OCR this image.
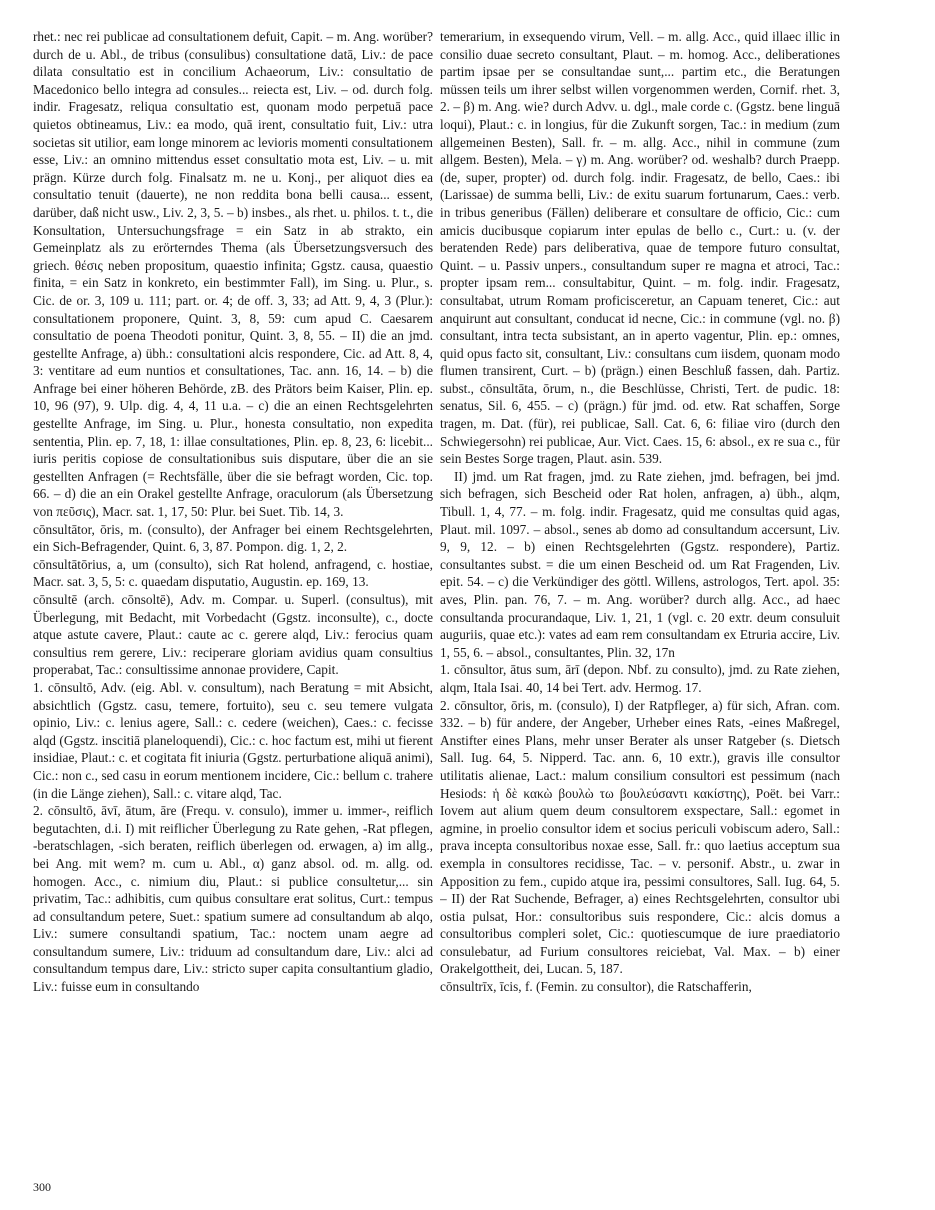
rhet.: nec rei publicae ad consultationem defuit, Capit. – m. Ang. worüber? durch de u. Abl., de tribus (consulibus) consultatione datā, Liv.: de pace dilata consultatio est in concilium Achaeorum, Liv.: consultatio de Macedonico bello integra ad consules... reiecta est, Liv. – od. durch folg. indir. Fragesatz, reliqua consultatio est, quonam modo perpetuā pace quietos obtineamus, Liv.: ea modo, quā irent, consultatio fuit, Liv.: utra societas sit utilior, eam longe minorem ac levioris momenti consultationem esse, Liv.: an omnino mittendus esset consultatio mota est, Liv. – u. mit prägn. Kürze durch folg. Finalsatz m. ne u. Konj., per aliquot dies ea consultatio tenuit (dauerte), ne non reddita bona belli causa... essent, darüber, daß nicht usw., Liv. 2, 3, 5. – b) insbes., als rhet. u. philos. t. t., die Konsultation, Untersuchungsfrage = ein Satz in ab strakto, ein Gemeinplatz als zu erörterndes Thema (als Übersetzungsversuch des griech. θέσις neben propositum, quaestio infinita; Ggstz. causa, quaestio finita, = ein Satz in konkreto, ein bestimmter Fall), im Sing. u. Plur., s. Cic. de or. 3, 109 u. 111; part. or. 4; de off. 3, 33; ad Att. 9, 4, 3 (Plur.): consultationem proponere, Quint. 3, 8, 59: cum apud C. Caesarem consultatio de poena Theodoti ponitur, Quint. 3, 8, 55. – II) die an jmd. gestellte Anfrage, a) übh.: consultationi alcis respondere, Cic. ad Att. 8, 4, 3: ventitare ad eum nuntios et consultationes, Tac. ann. 16, 14. – b) die Anfrage bei einer höheren Behörde, zB. des Prätors beim Kaiser, Plin. ep. 10, 96 (97), 9. Ulp. dig. 4, 4, 11 u.a. – c) die an einen Rechtsgelehrten gestellte Anfrage, im Sing. u. Plur., honesta consultatio, non expedita sententia, Plin. ep. 7, 18, 1: illae consultationes, Plin. ep. 8, 23, 6: licebit... iuris peritis copiose de consultationibus suis disputare, über die an sie gestellten Anfragen (= Rechtsfälle, über die sie befragt worden, Cic. top. 66. – d) die an ein Orakel gestellte Anfrage, oraculorum (als Übersetzung von πεῦσις), Macr. sat. 1, 17, 50: Plur. bei Suet. Tib. 14, 3.

cōnsultātor, ōris, m. (consulto), der Anfrager bei einem Rechtsgelehrten, ein Sich-Befragender, Quint. 6, 3, 87. Pompon. dig. 1, 2, 2.

cōnsultātōrius, a, um (consulto), sich Rat holend, anfragend, c. hostiae, Macr. sat. 3, 5, 5: c. quaedam disputatio, Augustin. ep. 169, 13.

cōnsultē (arch. cōnsoltē), Adv. m. Compar. u. Superl. (consultus), mit Überlegung, mit Bedacht, mit Vorbedacht (Ggstz. inconsulte), c., docte atque astute cavere, Plaut.: caute ac c. gerere alqd, Liv.: ferocius quam consultius rem gerere, Liv.: reciperare gloriam avidius quam consultius properabat, Tac.: consultissime annonae providere, Capit.

1. cōnsultō, Adv. (eig. Abl. v. consultum), nach Beratung = mit Absicht, absichtlich (Ggstz. casu, temere, fortuito), seu c. seu temere vulgata opinio, Liv.: c. lenius agere, Sall.: c. cedere (weichen), Caes.: c. fecisse alqd (Ggstz. inscitiā planeloquendi), Cic.: c. hoc factum est, mihi ut fierent insidiae, Plaut.: c. et cogitata fit iniuria (Ggstz. perturbatione aliquā animi), Cic.: non c., sed casu in eorum mentionem incidere, Cic.: bellum c. trahere (in die Länge ziehen), Sall.: c. vitare alqd, Tac.

2. cōnsultō, āvī, ātum, āre (Frequ. v. consulo), immer u. immer-, reiflich begutachten, d.i. I) mit reiflicher Überlegung zu Rate gehen, -Rat pflegen, -beratschlagen, -sich beraten, reiflich überlegen od. erwagen, a) im allg., bei Ang. mit wem? m. cum u. Abl., α) ganz absol. od. m. allg. od. homogen. Acc., c. nimium diu, Plaut.: si publice consultetur,... sin privatim, Tac.: adhibitis, cum quibus consultare erat solitus, Curt.: tempus ad consultandum petere, Suet.: spatium sumere ad consultandum ab alqo, Liv.: sumere consultandi spatium, Tac.: noctem unam aegre ad consultandum sumere, Liv.: triduum ad consultandum dare, Liv.: alci ad consultandum tempus dare, Liv.: stricto super capita consultantium gladio, Liv.: fuisse eum in consultando

temerarium, in exsequendo virum, Vell. – m. allg. Acc., quid illaec illic in consilio duae secreto consultant, Plaut. – m. homog. Acc., deliberationes partim ipsae per se consultandae sunt,... partim etc., die Beratungen müssen teils um ihrer selbst willen vorgenommen werden, Cornif. rhet. 3, 2. – β) m. Ang. wie? durch Advv. u. dgl., male corde c. (Ggstz. bene linguā loqui), Plaut.: c. in longius, für die Zukunft sorgen, Tac.: in medium (zum allgemeinen Besten), Sall. fr. – m. allg. Acc., nihil in commune (zum allgem. Besten), Mela. – γ) m. Ang. worüber? od. weshalb? durch Praepp. (de, super, propter) od. durch folg. indir. Fragesatz, de bello, Caes.: ibi (Larissae) de summa belli, Liv.: de exitu suarum fortunarum, Caes.: verb. in tribus generibus (Fällen) deliberare et consultare de officio, Cic.: cum amicis ducibusque copiarum inter epulas de bello c., Curt.: u. (v. der beratenden Rede) pars deliberativa, quae de tempore futuro consultat, Quint. – u. Passiv unpers., consultandum super re magna et atroci, Tac.: propter ipsam rem... consultabitur, Quint. – m. folg. indir. Fragesatz, consultabat, utrum Romam proficisceretur, an Capuam teneret, Cic.: aut anquirunt aut consultant, conducat id necne, Cic.: in commune (vgl. no. β) consultant, intra tecta subsistant, an in aperto vagentur, Plin. ep.: omnes, quid opus facto sit, consultant, Liv.: consultans cum iisdem, quonam modo flumen transirent, Curt. – b) (prägn.) einen Beschluß fassen, dah. Partiz. subst., cōnsultāta, ōrum, n., die Beschlüsse, Christi, Tert. de pudic. 18: senatus, Sil. 6, 455. – c) (prägn.) für jmd. od. etw. Rat schaffen, Sorge tragen, m. Dat. (für), rei publicae, Sall. Cat. 6, 6: filiae viro (durch den Schwiegersohn) rei publicae, Aur. Vict. Caes. 15, 6: absol., ex re sua c., für sein Bestes Sorge tragen, Plaut. asin. 539.

II) jmd. um Rat fragen, jmd. zu Rate ziehen, jmd. befragen, bei jmd. sich befragen, sich Bescheid oder Rat holen, anfragen, a) übh., alqm, Tibull. 1, 4, 77. – m. folg. indir. Fragesatz, quid me consultas quid agas, Plaut. mil. 1097. – absol., senes ab domo ad consultandum accersunt, Liv. 9, 9, 12. – b) einen Rechtsgelehrten (Ggstz. respondere), Partiz. consultantes subst. = die um einen Bescheid od. um Rat Fragenden, Liv. epit. 54. – c) die Verkündiger des göttl. Willens, astrologos, Tert. apol. 35: aves, Plin. pan. 76, 7. – m. Ang. worüber? durch allg. Acc., ad haec consultanda procurandaque, Liv. 1, 21, 1 (vgl. c. 20 extr. deum consuluit auguriis, quae etc.): vates ad eam rem consultandam ex Etruria accire, Liv. 1, 55, 6. – absol., consultantes, Plin. 32, 17n

1. cōnsultor, ātus sum, ārī (depon. Nbf. zu consulto), jmd. zu Rate ziehen, alqm, Itala Isai. 40, 14 bei Tert. adv. Hermog. 17.

2. cōnsultor, ōris, m. (consulo), I) der Ratpfleger, a) für sich, Afran. com. 332. – b) für andere, der Angeber, Urheber eines Rats, -eines Maßregel, Anstifter eines Plans, mehr unser Berater als unser Ratgeber (s. Dietsch Sall. Iug. 64, 5. Nipperd. Tac. ann. 6, 10 extr.), gravis ille consultor utilitatis alienae, Lact.: malum consilium consultori est pessimum (nach Hesiods: ἡ δὲ κακὼ βουλὼ τω βουλεύσαντι κακίστης), Poët. bei Varr.: Iovem aut alium quem deum consultorem exspectare, Sall.: egomet in agmine, in proelio consultor idem et socius periculi vobiscum adero, Sall.: prava incepta consultoribus noxae esse, Sall. fr.: quo laetius acceptum sua exempla in consultores recidisse, Tac. – v. personif. Abstr., u. zwar in Apposition zu fem., cupido atque ira, pessimi consultores, Sall. Iug. 64, 5. – II) der Rat Suchende, Befrager, a) eines Rechtsgelehrten, consultor ubi ostia pulsat, Hor.: consultoribus suis respondere, Cic.: alcis domus a consultoribus compleri solet, Cic.: quotiescumque de iure praediatorio consulebatur, ad Furium consultores reiciebat, Val. Max. – b) einer Orakelgottheit, dei, Lucan. 5, 187.

cōnsultrīx, īcis, f. (Femin. zu consultor), die Ratschafferin,

300
